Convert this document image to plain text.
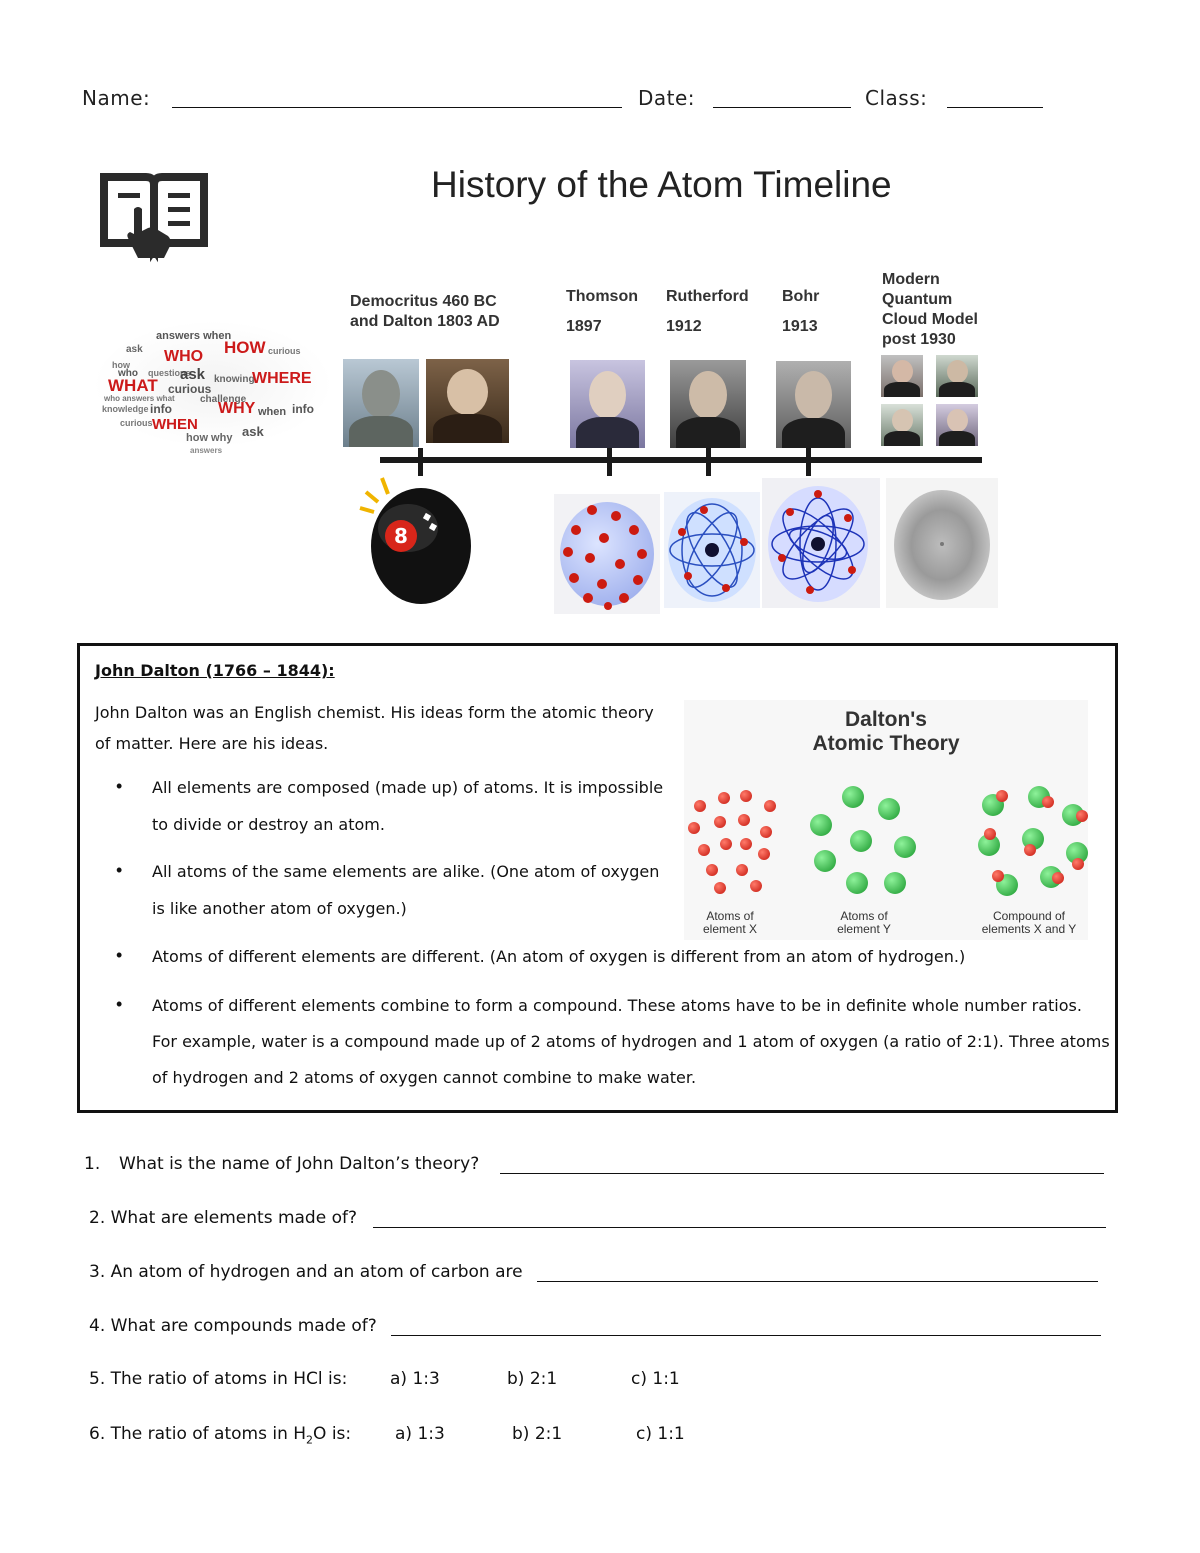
Name:	Date:	Class:
History of the Atom Timeline
answers when
ask	HOW curious
WHO
how
who questions
ask
WHAT curious
knowing
WHERE
who answers what	challenge
knowledge info	WHY when info
curious WHEN	ask
how why
answers
Democritus 460 BC
and Dalton 1803 AD
Thomson
1897
Rutherford
1912
Bohr
1913
Modern
Quantum
Cloud Model
post 1930
8
John Dalton (1766 – 1844):
John Dalton was an English chemist. His ideas form the atomic theory
of matter. Here are his ideas.
• All elements are composed (made up) of atoms. It is impossible
to divide or destroy an atom.
• All atoms of the same elements are alike. (One atom of oxygen
is like another atom of oxygen.)
• Atoms of different elements are different. (An atom of oxygen is different from an atom of hydrogen.)
• Atoms of different elements combine to form a compound. These atoms have to be in definite whole number ratios.
For example, water is a compound made up of 2 atoms of hydrogen and 1 atom of oxygen (a ratio of 2:1). Three atoms
of hydrogen and 2 atoms of oxygen cannot combine to make water.
Dalton's
Atomic Theory
Atoms of
element X
Atoms of
element Y
Compound of
elements X and Y
1. What is the name of John Dalton’s theory?
2. What are elements made of?
3. An atom of hydrogen and an atom of carbon are
4. What are compounds made of?
5. The ratio of atoms in HCl is:	a) 1:3	b) 2:1	c) 1:1
6. The ratio of atoms in $H_2O$ is:	a) 1:3	b) 2:1	c) 1:1
